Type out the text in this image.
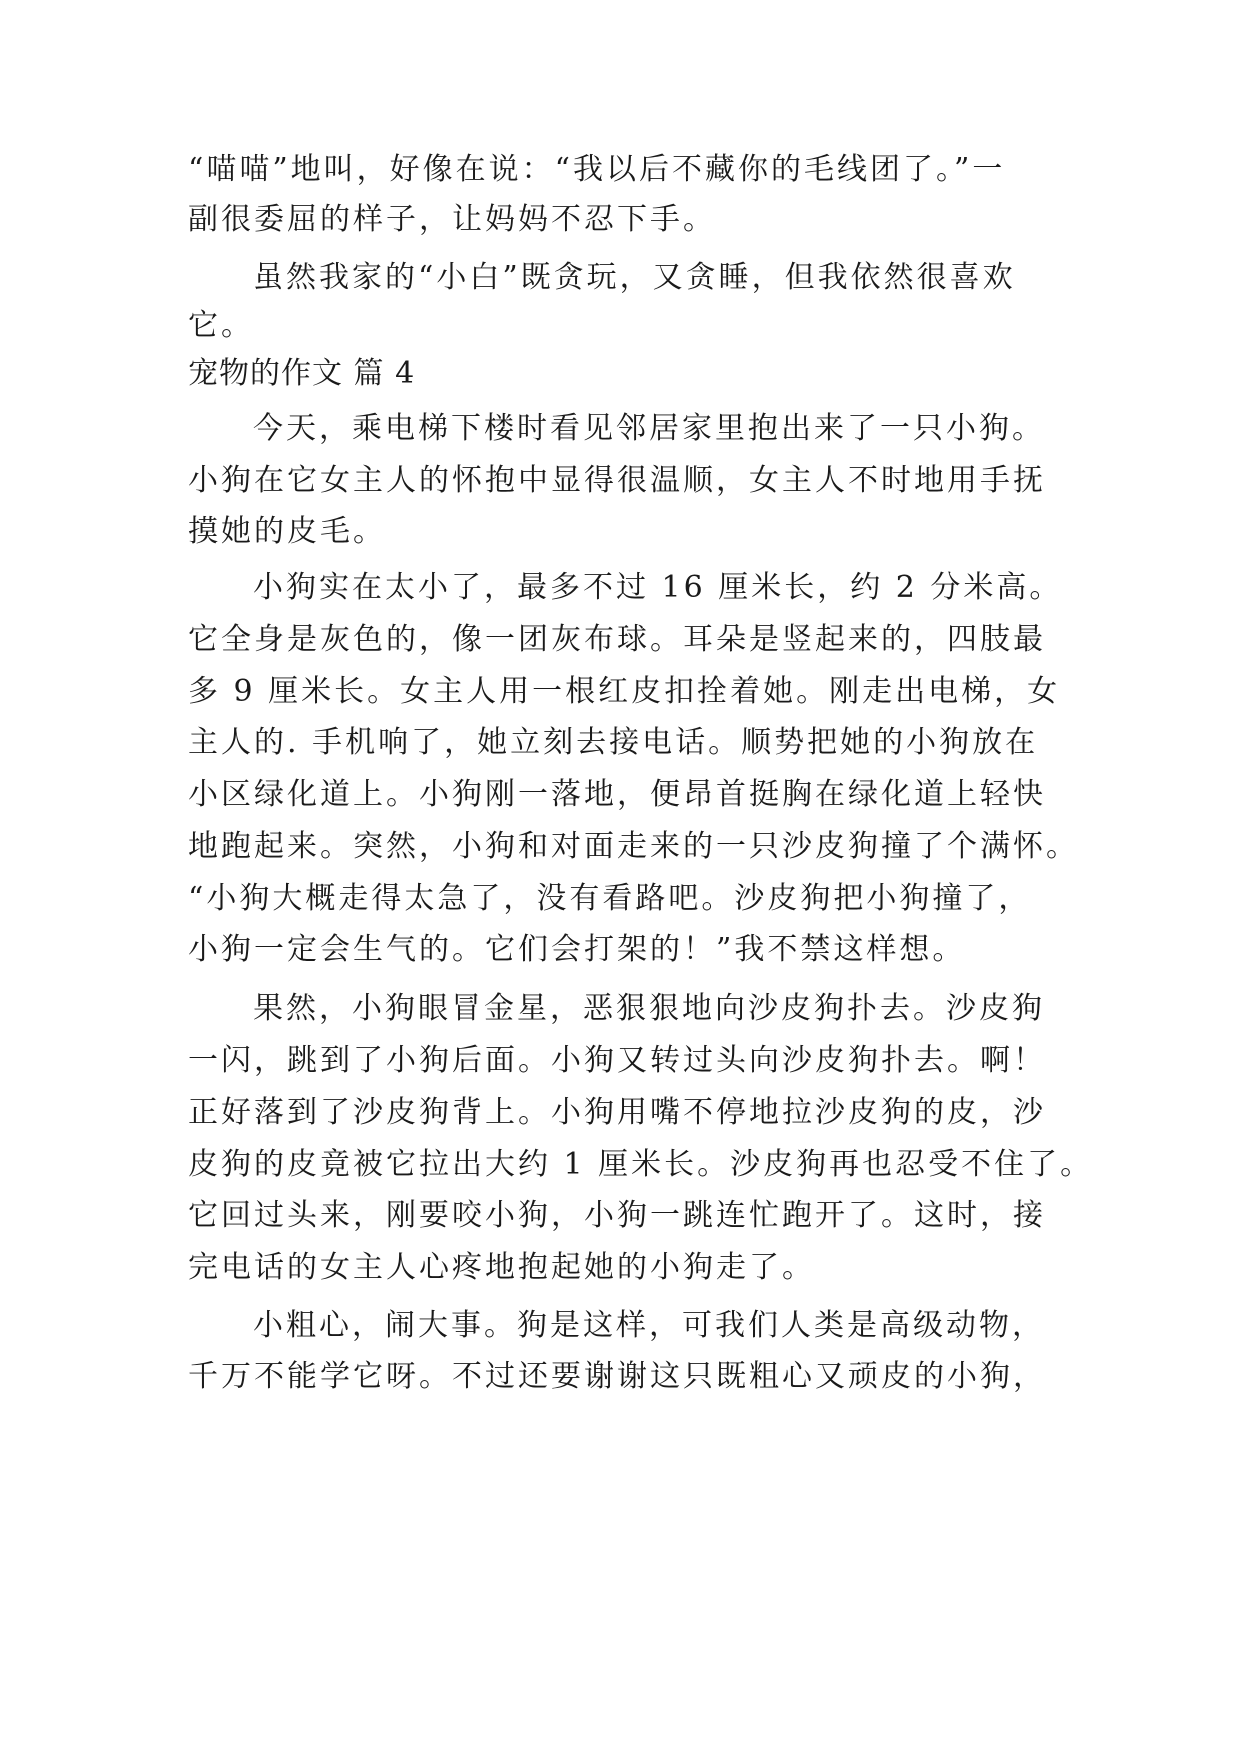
“喵喵”地叫，好像在说：“我以后不藏你的毛线团了。”一
副很委屈的样子，让妈妈不忍下手。
虽然我家的“小白”既贪玩，又贪睡，但我依然很喜欢
它。
宠物的作文 篇 4
今天，乘电梯下楼时看见邻居家里抱出来了一只小狗。
小狗在它女主人的怀抱中显得很温顺，女主人不时地用手抚
摸她的皮毛。
小狗实在太小了，最多不过 16 厘米长，约 2 分米高。
它全身是灰色的，像一团灰布球。耳朵是竖起来的，四肢最
多 9 厘米长。女主人用一根红皮扣拴着她。刚走出电梯，女
主人的. 手机响了，她立刻去接电话。顺势把她的小狗放在
小区绿化道上。小狗刚一落地，便昂首挺胸在绿化道上轻快
地跑起来。突然，小狗和对面走来的一只沙皮狗撞了个满怀。
“小狗大概走得太急了，没有看路吧。沙皮狗把小狗撞了，
小狗一定会生气的。它们会打架的！”我不禁这样想。
果然，小狗眼冒金星，恶狠狠地向沙皮狗扑去。沙皮狗
一闪，跳到了小狗后面。小狗又转过头向沙皮狗扑去。啊！
正好落到了沙皮狗背上。小狗用嘴不停地拉沙皮狗的皮，沙
皮狗的皮竟被它拉出大约 1 厘米长。沙皮狗再也忍受不住了。
它回过头来，刚要咬小狗，小狗一跳连忙跑开了。这时，接
完电话的女主人心疼地抱起她的小狗走了。
小粗心，闹大事。狗是这样，可我们人类是高级动物，
千万不能学它呀。不过还要谢谢这只既粗心又顽皮的小狗，
